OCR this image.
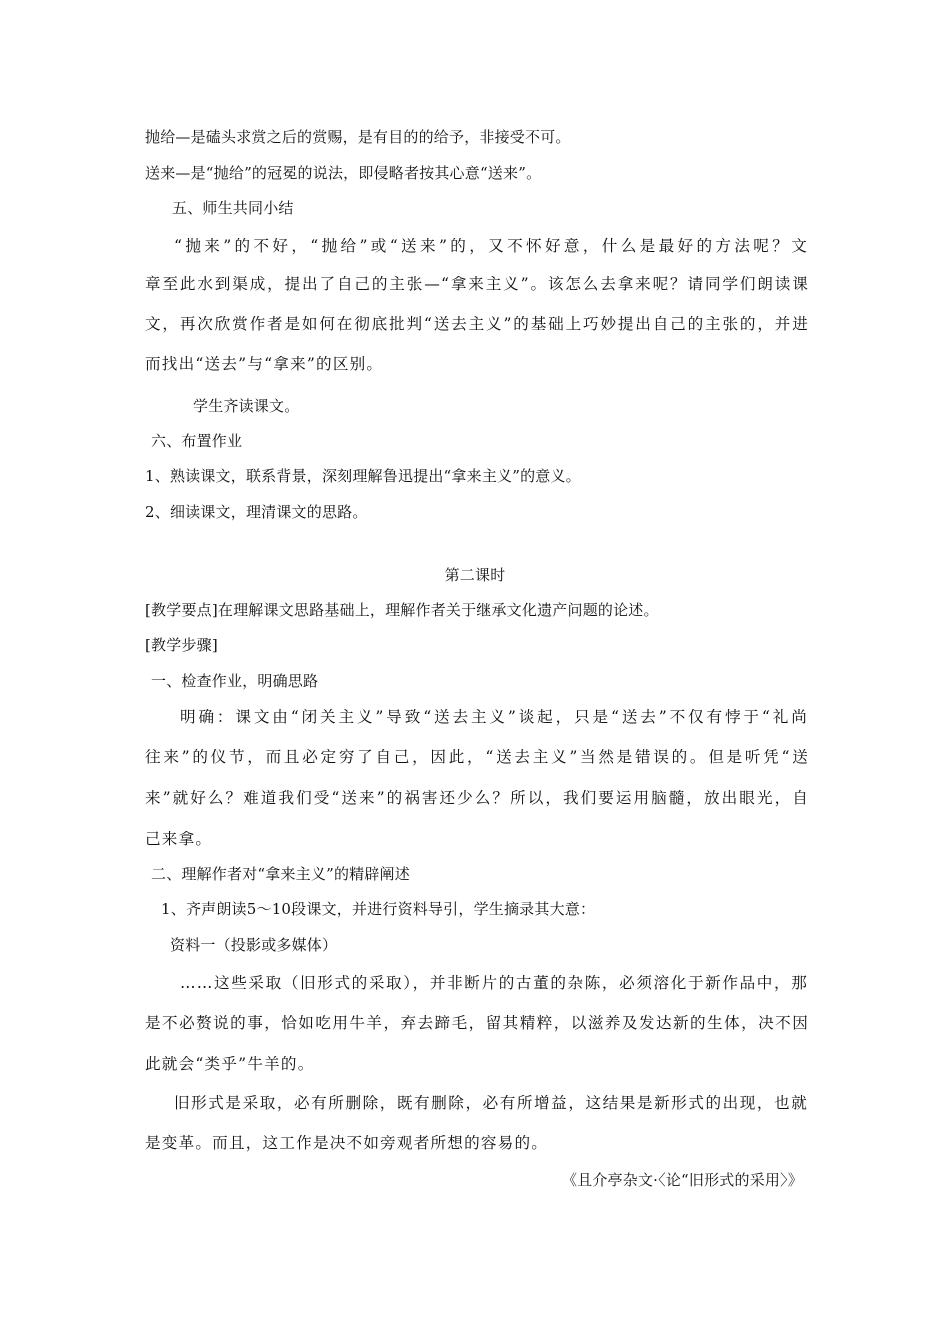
抛给—是磕头求赏之后的赏赐，是有目的的给予，非接受不可。
送来—是“抛给”的冠冕的说法，即侵略者按其心意“送来”。
五、师生共同小结
“抛来”的不好，“抛给”或“送来”的，又不怀好意，什么是最好的方法呢？文
章至此水到渠成，提出了自己的主张—“拿来主义”。该怎么去拿来呢？请同学们朗读课
文，再次欣赏作者是如何在彻底批判“送去主义”的基础上巧妙提出自己的主张的，并进
而找出“送去”与“拿来”的区别。
学生齐读课文。
六、布置作业
1、熟读课文，联系背景，深刻理解鲁迅提出“拿来主义”的意义。
2、细读课文，理清课文的思路。
第二课时
[教学要点]在理解课文思路基础上，理解作者关于继承文化遗产问题的论述。
[教学步骤]
一、检查作业，明确思路
明确：课文由“闭关主义”导致“送去主义”谈起，只是“送去”不仅有悖于“礼尚
往来”的仪节，而且必定穷了自己，因此，“送去主义”当然是错误的。但是听凭“送
来”就好么？难道我们受“送来”的祸害还少么？所以，我们要运用脑髓，放出眼光，自
己来拿。
二、理解作者对“拿来主义”的精辟阐述
1、齐声朗读5～10段课文，并进行资料导引，学生摘录其大意：
资料一（投影或多媒体）
……这些采取（旧形式的采取），并非断片的古董的杂陈，必须溶化于新作品中，那
是不必赘说的事，恰如吃用牛羊，弃去蹄毛，留其精粹，以滋养及发达新的生体，决不因
此就会“类乎”牛羊的。
旧形式是采取，必有所删除，既有删除，必有所增益，这结果是新形式的出现，也就
是变革。而且，这工作是决不如旁观者所想的容易的。
《且介亭杂文·〈论“旧形式的采用〉》
